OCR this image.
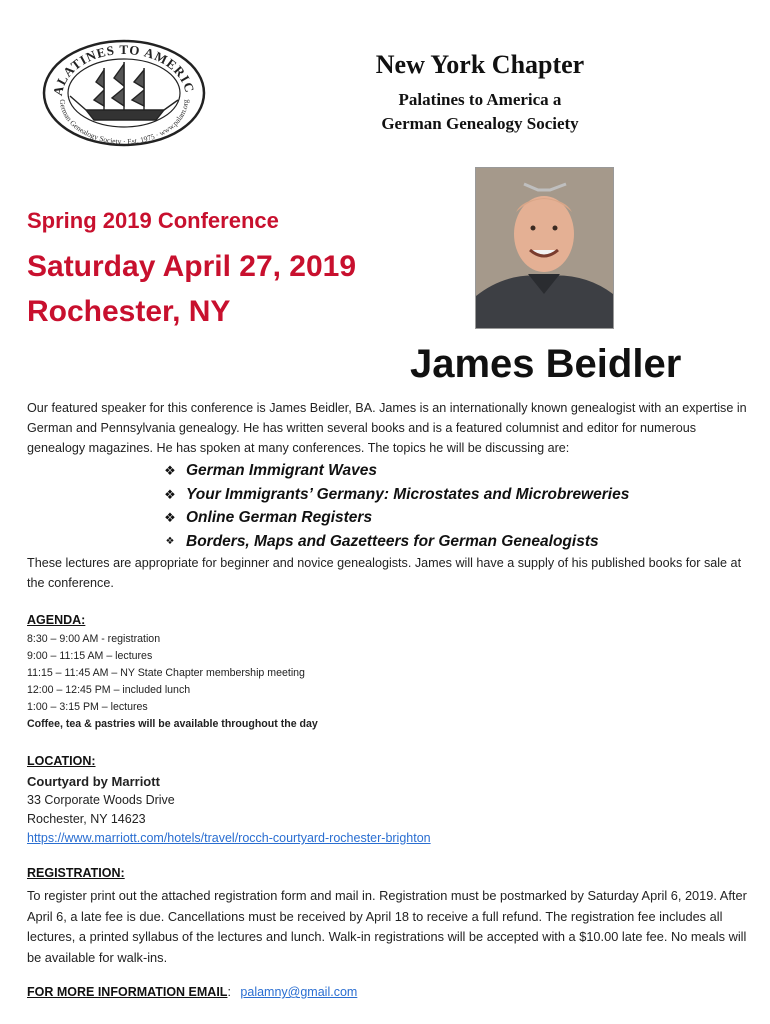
ALATINES TO AMERIC
German Genealogy Society · Est. 1975 · www.palam.org
New York Chapter
Palatines to America a
German Genealogy Society
Spring 2019 Conference
Saturday April 27, 2019
Rochester, NY
James Beidler
Our featured speaker for this conference is James Beidler, BA. James is an internationally known genealogist with an expertise in German and Pennsylvania genealogy. He has written several books and is a featured columnist and editor for numerous genealogy magazines. He has spoken at many conferences. The topics he will be discussing are:
❖ German Immigrant Waves
❖ Your Immigrants’ Germany: Microstates and Microbreweries
❖ Online German Registers
❖ Borders, Maps and Gazetteers for German Genealogists
These lectures are appropriate for beginner and novice genealogists. James will have a supply of his published books for sale at the conference.
AGENDA:
8:30 – 9:00 AM - registration
9:00 – 11:15 AM – lectures
11:15 – 11:45 AM – NY State Chapter membership meeting
12:00 – 12:45 PM – included lunch
1:00 – 3:15 PM – lectures
Coffee, tea & pastries will be available throughout the day
LOCATION:
Courtyard by Marriott
33 Corporate Woods Drive
Rochester, NY 14623
https://www.marriott.com/hotels/travel/rocch-courtyard-rochester-brighton
REGISTRATION:
To register print out the attached registration form and mail in. Registration must be postmarked by Saturday April 6, 2019. After April 6, a late fee is due. Cancellations must be received by April 18 to receive a full refund. The registration fee includes all lectures, a printed syllabus of the lectures and lunch. Walk-in registrations will be accepted with a $10.00 late fee. No meals will be available for walk-ins.
FOR MORE INFORMATION EMAIL: palamny@gmail.com
